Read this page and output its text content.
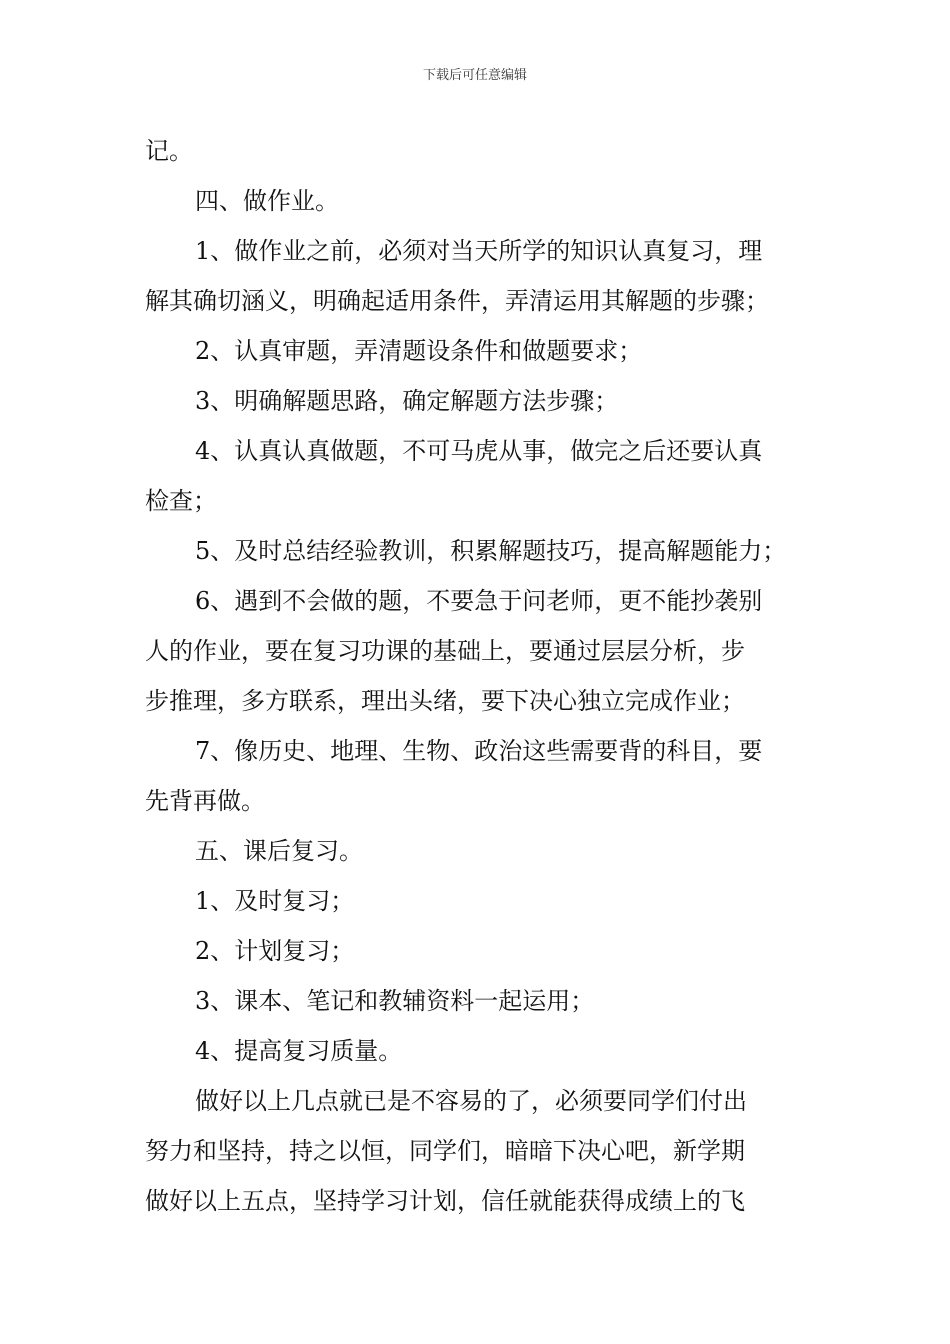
下载后可任意编辑
记。
四、做作业。
1、做作业之前，必须对当天所学的知识认真复习，理
解其确切涵义，明确起适用条件，弄清运用其解题的步骤；
2、认真审题，弄清题设条件和做题要求；
3、明确解题思路，确定解题方法步骤；
4、认真认真做题，不可马虎从事，做完之后还要认真
检查；
5、及时总结经验教训，积累解题技巧，提高解题能力；
6、遇到不会做的题，不要急于问老师，更不能抄袭别
人的作业，要在复习功课的基础上，要通过层层分析，步
步推理，多方联系，理出头绪，要下决心独立完成作业；
7、像历史、地理、生物、政治这些需要背的科目，要
先背再做。
五、课后复习。
1、及时复习；
2、计划复习；
3、课本、笔记和教辅资料一起运用；
4、提高复习质量。
做好以上几点就已是不容易的了，必须要同学们付出
努力和坚持，持之以恒，同学们，暗暗下决心吧，新学期
做好以上五点，坚持学习计划，信任就能获得成绩上的飞
